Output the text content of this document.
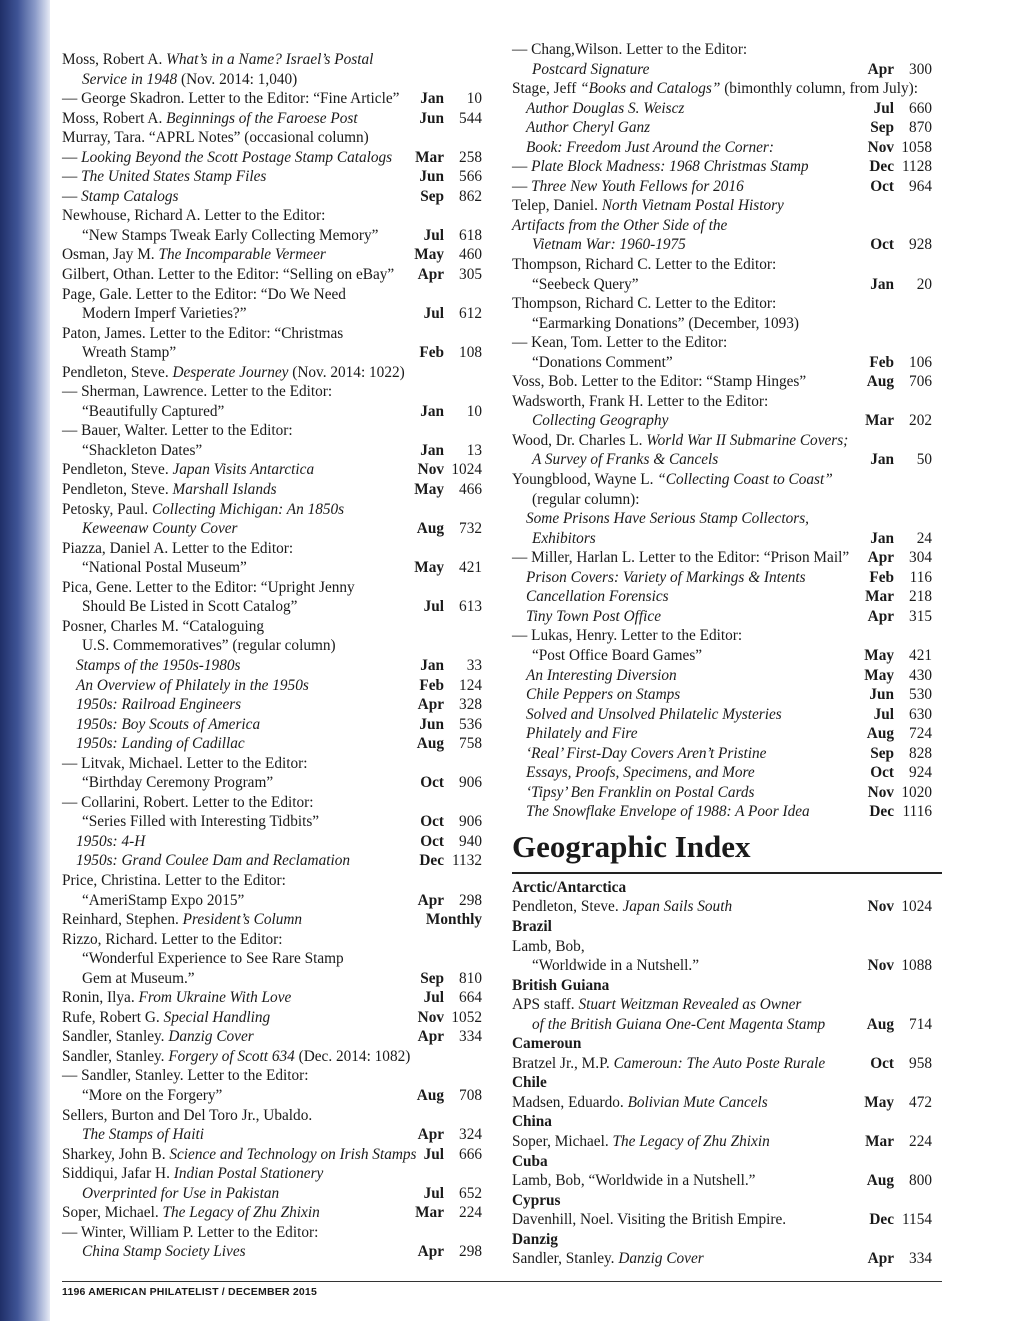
Moss, Robert A. What’s in a Name? Israel’s Postal
Service in 1948 (Nov. 2014: 1,040)
— George Skadron. Letter to the Editor: “Fine Article” Jan 10
Moss, Robert A. Beginnings of the Faroese Post	Jun 544
Murray, Tara. “APRL Notes” (occasional column)
— Looking Beyond the Scott Postage Stamp Catalogs Mar 258
— The United States Stamp Files	Jun 566
— Stamp Catalogs	Sep 862
Newhouse, Richard A. Letter to the Editor:
“New Stamps Tweak Early Collecting Memory”	Jul 618
Osman, Jay M. The Incomparable Vermeer	May 460
Gilbert, Othan. Letter to the Editor: “Selling on eBay” Apr 305
Page, Gale. Letter to the Editor: “Do We Need
Modern Imperf Varieties?”	Jul 612
Paton, James. Letter to the Editor: “Christmas
Wreath Stamp”	Feb 108
Pendleton, Steve. Desperate Journey (Nov. 2014: 1022)
— Sherman, Lawrence. Letter to the Editor:
“Beautifully Captured”	Jan 10
— Bauer, Walter. Letter to the Editor:
“Shackleton Dates”	Jan 13
Pendleton, Steve. Japan Visits Antarctica	Nov 1024
Pendleton, Steve. Marshall Islands	May 466
Petosky, Paul. Collecting Michigan: An 1850s
Keweenaw County Cover	Aug 732
Piazza, Daniel A. Letter to the Editor:
“National Postal Museum”	May 421
Pica, Gene. Letter to the Editor: “Upright Jenny
Should Be Listed in Scott Catalog”	Jul 613
Posner, Charles M. “Cataloguing
U.S. Commemoratives” (regular column)
Stamps of the 1950s-1980s	Jan 33
An Overview of Philately in the 1950s	Feb 124
1950s: Railroad Engineers	Apr 328
1950s: Boy Scouts of America	Jun 536
1950s: Landing of Cadillac	Aug 758
— Litvak, Michael. Letter to the Editor:
“Birthday Ceremony Program”	Oct 906
— Collarini, Robert. Letter to the Editor:
“Series Filled with Interesting Tidbits”	Oct 906
1950s: 4-H	Oct 940
1950s: Grand Coulee Dam and Reclamation	Dec 1132
Price, Christina. Letter to the Editor:
“AmeriStamp Expo 2015”	Apr 298
Reinhard, Stephen. President’s Column	Monthly
Rizzo, Richard. Letter to the Editor:
“Wonderful Experience to See Rare Stamp
Gem at Museum.”	Sep 810
Ronin, Ilya. From Ukraine With Love	Jul 664
Rufe, Robert G. Special Handling	Nov 1052
Sandler, Stanley. Danzig Cover	Apr 334
Sandler, Stanley. Forgery of Scott 634 (Dec. 2014: 1082)
— Sandler, Stanley. Letter to the Editor:
“More on the Forgery”	Aug 708
Sellers, Burton and Del Toro Jr., Ubaldo.
The Stamps of Haiti	Apr 324
Sharkey, John B. Science and Technology on Irish Stamps Jul 666
Siddiqui, Jafar H. Indian Postal Stationery
Overprinted for Use in Pakistan	Jul 652
Soper, Michael. The Legacy of Zhu Zhixin	Mar 224
— Winter, William P. Letter to the Editor:
China Stamp Society Lives	Apr 298
— Chang,Wilson. Letter to the Editor:
Postcard Signature	Apr 300
Stage, Jeff “Books and Catalogs” (bimonthly column, from July):
Author Douglas S. Weiscz	Jul 660
Author Cheryl Ganz	Sep 870
Book: Freedom Just Around the Corner:	Nov 1058
— Plate Block Madness: 1968 Christmas Stamp	Dec 1128
— Three New Youth Fellows for 2016	Oct 964
Telep, Daniel. North Vietnam Postal History
Artifacts from the Other Side of the
Vietnam War: 1960-1975	Oct 928
Thompson, Richard C. Letter to the Editor:
“Seebeck Query”	Jan 20
Thompson, Richard C. Letter to the Editor:
“Earmarking Donations” (December, 1093)
— Kean, Tom. Letter to the Editor:
“Donations Comment”	Feb 106
Voss, Bob. Letter to the Editor: “Stamp Hinges”	Aug 706
Wadsworth, Frank H. Letter to the Editor:
Collecting Geography	Mar 202
Wood, Dr. Charles L. World War II Submarine Covers;
A Survey of Franks & Cancels	Jan 50
Youngblood, Wayne L. “Collecting Coast to Coast”
(regular column):
Some Prisons Have Serious Stamp Collectors,
Exhibitors	Jan 24
— Miller, Harlan L. Letter to the Editor: “Prison Mail” Apr 304
Prison Covers: Variety of Markings & Intents	Feb 116
Cancellation Forensics	Mar 218
Tiny Town Post Office	Apr 315
— Lukas, Henry. Letter to the Editor:
“Post Office Board Games”	May 421
An Interesting Diversion	May 430
Chile Peppers on Stamps	Jun 530
Solved and Unsolved Philatelic Mysteries	Jul 630
Philately and Fire	Aug 724
‘Real’ First-Day Covers Aren’t Pristine	Sep 828
Essays, Proofs, Specimens, and More	Oct 924
‘Tipsy’ Ben Franklin on Postal Cards	Nov 1020
The Snowflake Envelope of 1988: A Poor Idea	Dec 1116
Geographic Index
Arctic/Antarctica
Pendleton, Steve. Japan Sails South	Nov 1024
Brazil
Lamb, Bob,
“Worldwide in a Nutshell.”	Nov 1088
British Guiana
APS staff. Stuart Weitzman Revealed as Owner
of the British Guiana One-Cent Magenta Stamp	Aug 714
Cameroun
Bratzel Jr., M.P. Cameroun: The Auto Poste Rurale	Oct 958
Chile
Madsen, Eduardo. Bolivian Mute Cancels	May 472
China
Soper, Michael. The Legacy of Zhu Zhixin	Mar 224
Cuba
Lamb, Bob, “Worldwide in a Nutshell.”	Aug 800
Cyprus
Davenhill, Noel. Visiting the British Empire.	Dec 1154
Danzig
Sandler, Stanley. Danzig Cover	Apr 334
1196 AMERICAN PHILATELIST / DECEMBER 2015
